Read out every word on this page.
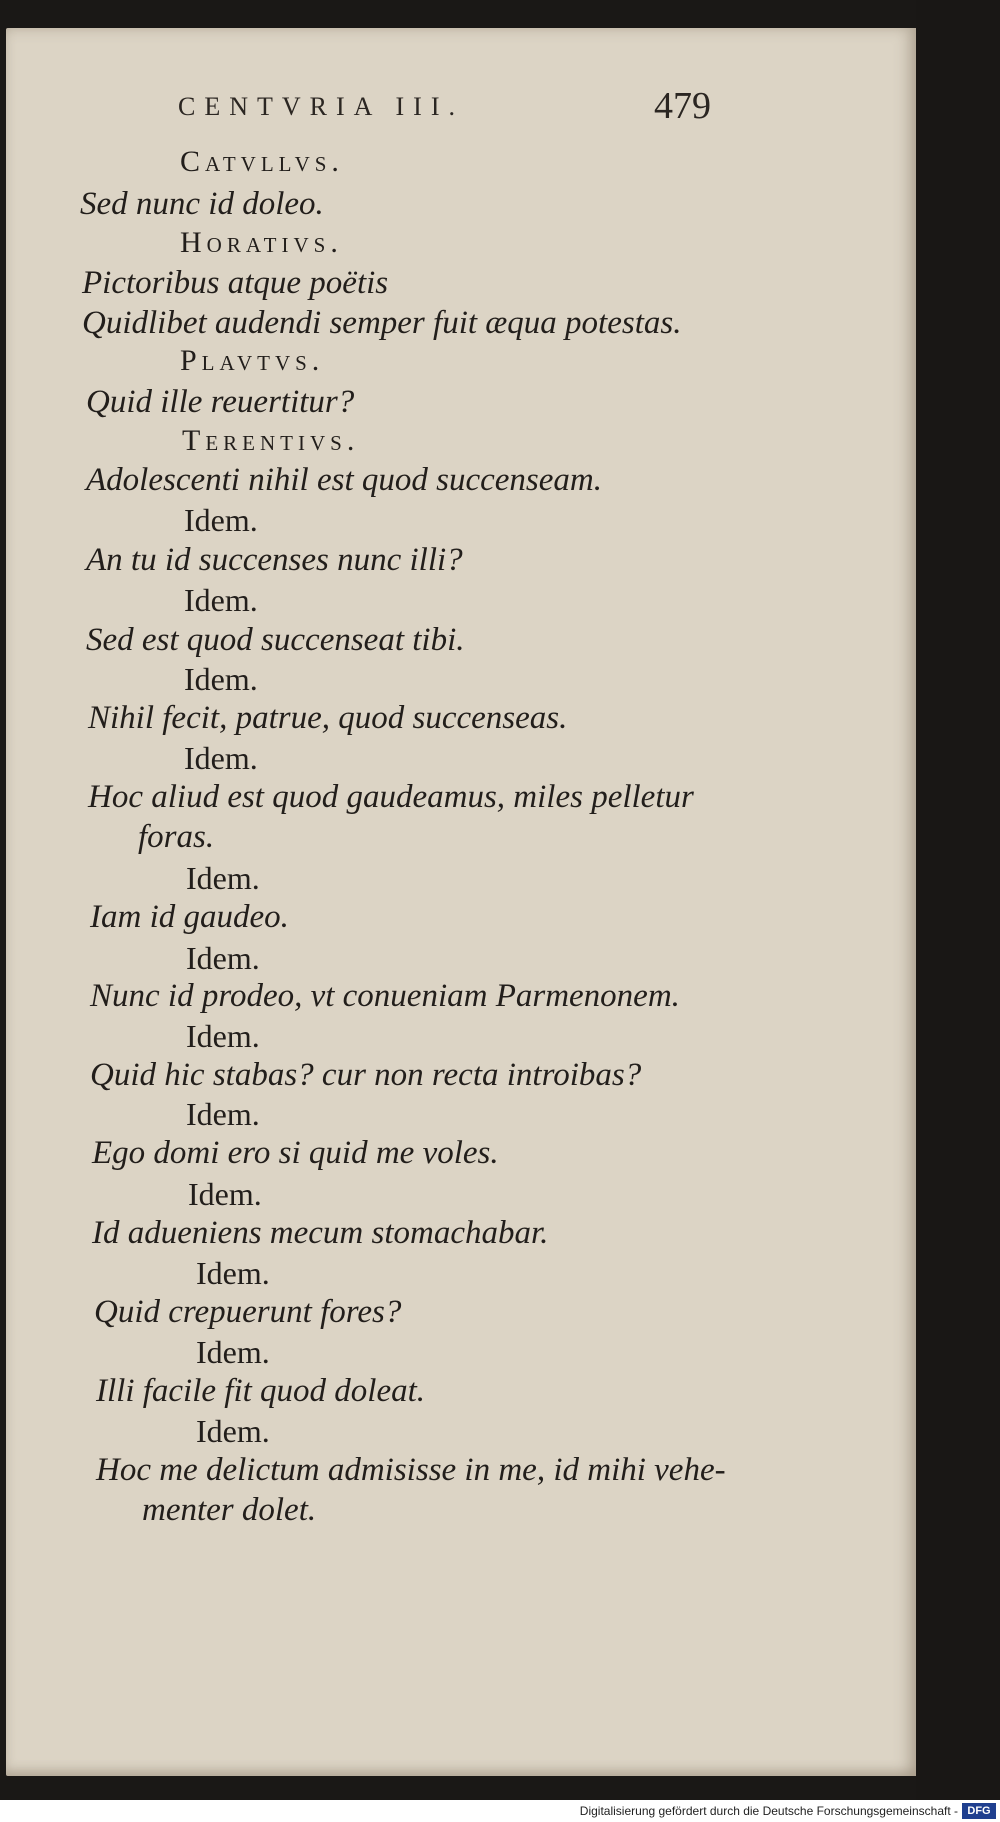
CENTVRIA III.	479
Catvllvs.
Sed nunc id doleo.
Horativs.
Pictoribus atque poëtis
Quidlibet audendi semper fuit æqua potestas.
Plavtvs.
Quid ille reuertitur?
Terentivs.
Adolescenti nihil est quod succenseam.
Idem.
An tu id succenses nunc illi?
Idem.
Sed est quod succenseat tibi.
Idem.
Nihil fecit, patrue, quod succenseas.
Idem.
Hoc aliud est quod gaudeamus, miles pelletur
foras.
Idem.
Iam id gaudeo.
Idem.
Nunc id prodeo, vt conueniam Parmenonem.
Idem.
Quid hic stabas? cur non recta introibas?
Idem.
Ego domi ero si quid me voles.
Idem.
Id adueniens mecum stomachabar.
Idem.
Quid crepuerunt fores?
Idem.
Illi facile fit quod doleat.
Idem.
Hoc me delictum admisisse in me, id mihi vehe-
menter dolet.
Digitalisierung gefördert durch die Deutsche Forschungsgemeinschaft - DFG
